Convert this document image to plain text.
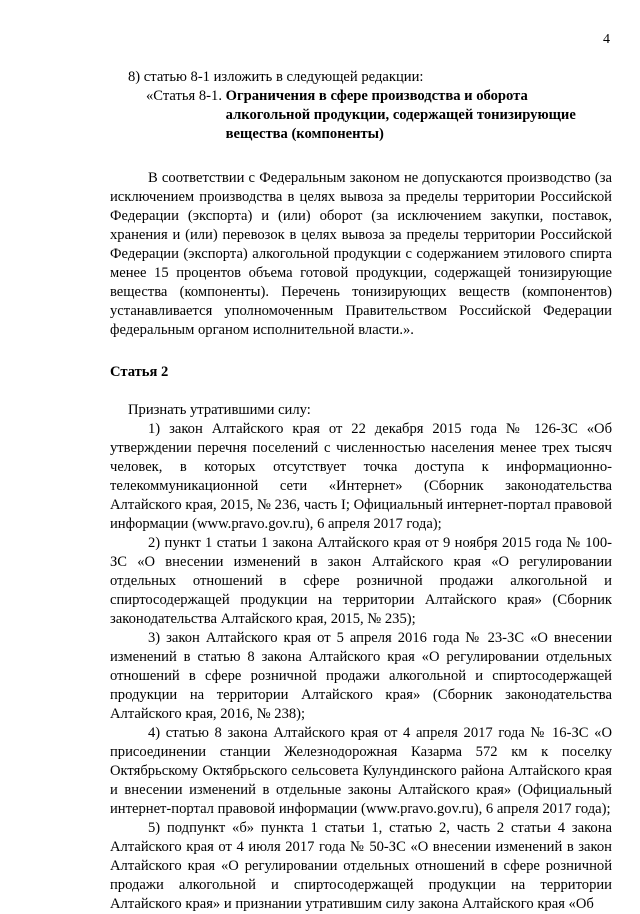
4

8) статью 8-1 изложить в следующей редакции:

«Статья 8-1. Ограничения в сфере производства и оборота алкогольной продукции, содержащей тонизирующие вещества (компоненты)

В соответствии с Федеральным законом не допускаются производство (за исключением производства в целях вывоза за пределы территории Российской Федерации (экспорта) и (или) оборот (за исключением закупки, поставок, хранения и (или) перевозок в целях вывоза за пределы территории Российской Федерации (экспорта) алкогольной продукции с содержанием этилового спирта менее 15 процентов объема готовой продукции, содержащей тонизирующие вещества (компоненты). Перечень тонизирующих веществ (компонентов) устанавливается уполномоченным Правительством Российской Федерации федеральным органом исполнительной власти.».

Статья 2

Признать утратившими силу:

1) закон Алтайского края от 22 декабря 2015 года № 126-ЗС «Об утверждении перечня поселений с численностью населения менее трех тысяч человек, в которых отсутствует точка доступа к информационно-телекоммуникационной сети «Интернет» (Сборник законодательства Алтайского края, 2015, № 236, часть I; Официальный интернет-портал правовой информации (www.pravo.gov.ru), 6 апреля 2017 года);

2) пункт 1 статьи 1 закона Алтайского края от 9 ноября 2015 года № 100-ЗС «О внесении изменений в закон Алтайского края «О регулировании отдельных отношений в сфере розничной продажи алкогольной и спиртосодержащей продукции на территории Алтайского края» (Сборник законодательства Алтайского края, 2015, № 235);

3) закон Алтайского края от 5 апреля 2016 года № 23-ЗС «О внесении изменений в статью 8 закона Алтайского края «О регулировании отдельных отношений в сфере розничной продажи алкогольной и спиртосодержащей продукции на территории Алтайского края» (Сборник законодательства Алтайского края, 2016, № 238);

4) статью 8 закона Алтайского края от 4 апреля 2017 года № 16-ЗС «О присоединении станции Железнодорожная Казарма 572 км к поселку Октябрьскому Октябрьского сельсовета Кулундинского района Алтайского края и внесении изменений в отдельные законы Алтайского края» (Официальный интернет-портал правовой информации (www.pravo.gov.ru), 6 апреля 2017 года);

5) подпункт «б» пункта 1 статьи 1, статью 2, часть 2 статьи 4 закона Алтайского края от 4 июля 2017 года № 50-ЗС «О внесении изменений в закон Алтайского края «О регулировании отдельных отношений в сфере розничной продажи алкогольной и спиртосодержащей продукции на территории Алтайского края» и признании утратившим силу закона Алтайского края «Об
